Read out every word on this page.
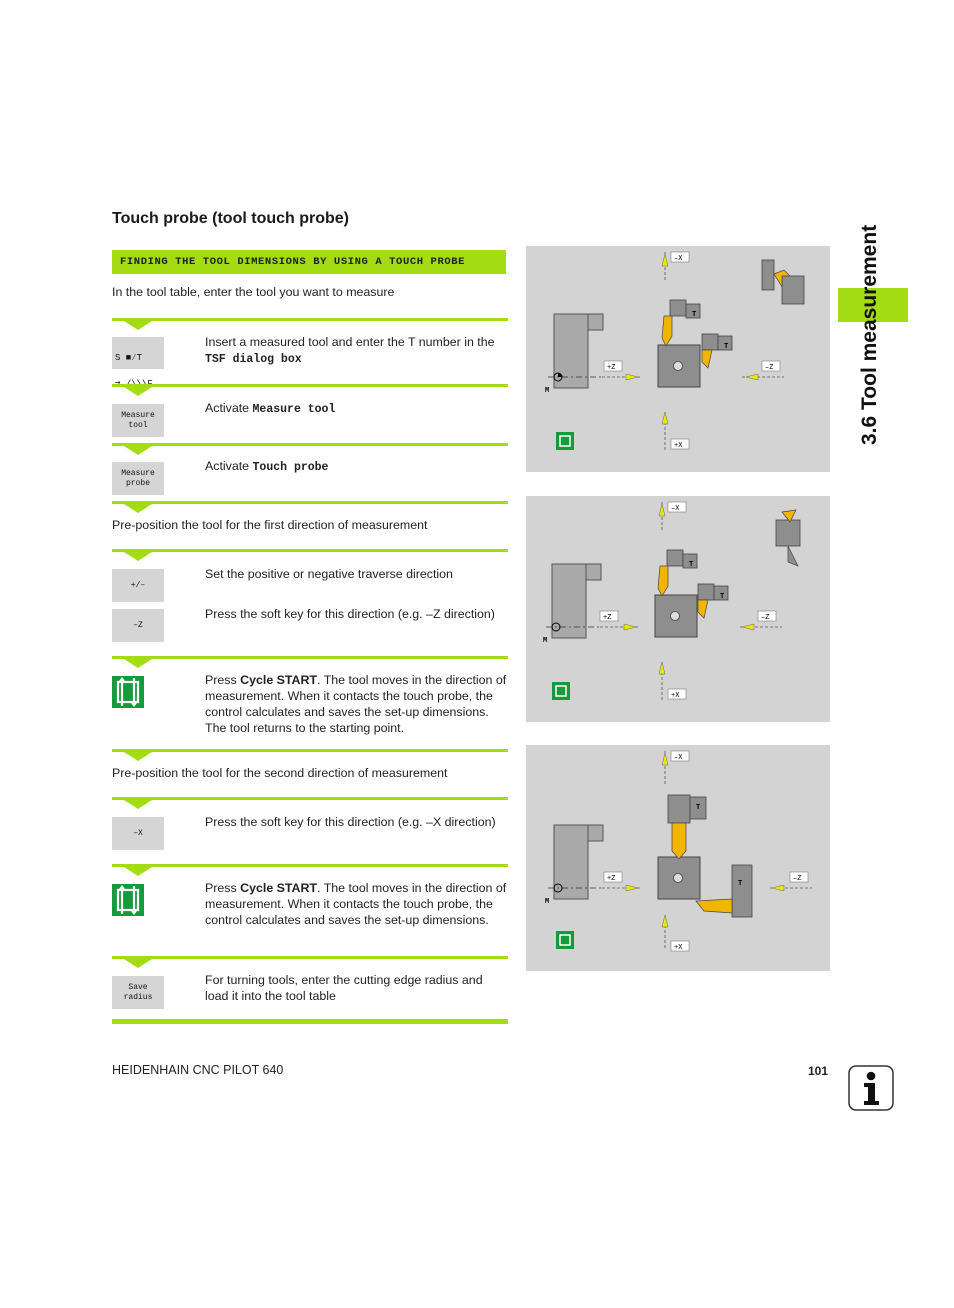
Touch probe (tool touch probe)
FINDING THE TOOL DIMENSIONS BY USING A TOUCH PROBE	3.6 Tool measurement
In the tool table, enter the tool you want to measure

S ■⁄T

Insert a measured tool and enter the T number in the TSF dialog box
Measure
tool
Activate Measure tool
Measure
probe
Activate Touch probe
Pre-position the tool for the first direction of measurement
+/–
Set the positive or negative traverse direction
–Z
Press the soft key for this direction (e.g. –Z direction)
Press Cycle START. The tool moves in the direction of measurement. When it contacts the touch probe, the control calculates and saves the set-up dimensions. The tool returns to the starting point.
Pre-position the tool for the second direction of measurement
–X
Press the soft key for this direction (e.g. –X direction)
Press Cycle START. The tool moves in the direction of measurement. When it contacts the touch probe, the control calculates and saves the set-up dimensions.
Save
radius
For turning tools, enter the cutting edge radius and load it into the tool table
M
–X
+X
+Z	–Z
T
T
M
–X
+X
+Z	–Z
T
T
M
–X
+X
+Z	–Z
T
T
HEIDENHAIN CNC PILOT 640	101
